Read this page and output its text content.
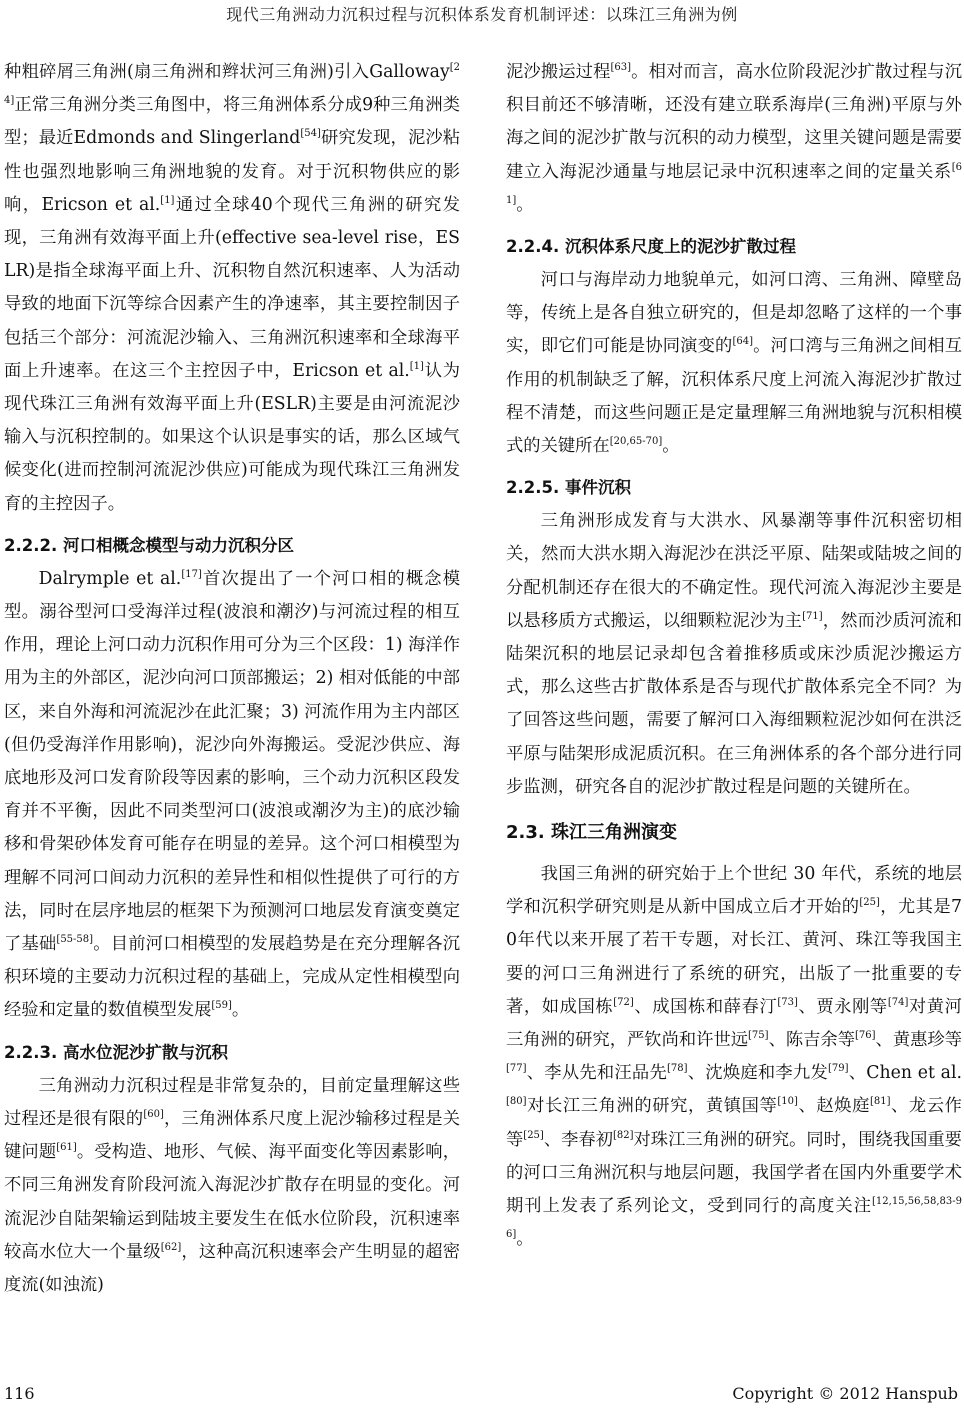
现代三角洲动力沉积过程与沉积体系发育机制评述：以珠江三角洲为例

种粗碎屑三角洲(扇三角洲和辫状河三角洲)引入Galloway[24]正常三角洲分类三角图中，将三角洲体系分成9种三角洲类型；最近Edmonds and Slingerland[54]研究发现，泥沙粘性也强烈地影响三角洲地貌的发育。对于沉积物供应的影响，Ericson et al.[1]通过全球40个现代三角洲的研究发现，三角洲有效海平面上升(effective sea-level rise，ESLR)是指全球海平面上升、沉积物自然沉积速率、人为活动导致的地面下沉等综合因素产生的净速率，其主要控制因子包括三个部分：河流泥沙输入、三角洲沉积速率和全球海平面上升速率。在这三个主控因子中，Ericson et al.[1]认为现代珠江三角洲有效海平面上升(ESLR)主要是由河流泥沙输入与沉积控制的。如果这个认识是事实的话，那么区域气候变化(进而控制河流泥沙供应)可能成为现代珠江三角洲发育的主控因子。

2.2.2. 河口相概念模型与动力沉积分区

Dalrymple et al.[17]首次提出了一个河口相的概念模型。溺谷型河口受海洋过程(波浪和潮汐)与河流过程的相互作用，理论上河口动力沉积作用可分为三个区段：1) 海洋作用为主的外部区，泥沙向河口顶部搬运；2) 相对低能的中部区，来自外海和河流泥沙在此汇聚；3) 河流作用为主内部区(但仍受海洋作用影响)，泥沙向外海搬运。受泥沙供应、海底地形及河口发育阶段等因素的影响，三个动力沉积区段发育并不平衡，因此不同类型河口(波浪或潮汐为主)的底沙输移和骨架砂体发育可能存在明显的差异。这个河口相模型为理解不同河口间动力沉积的差异性和相似性提供了可行的方法，同时在层序地层的框架下为预测河口地层发育演变奠定了基础[55-58]。目前河口相模型的发展趋势是在充分理解各沉积环境的主要动力沉积过程的基础上，完成从定性相模型向经验和定量的数值模型发展[59]。

2.2.3. 高水位泥沙扩散与沉积

三角洲动力沉积过程是非常复杂的，目前定量理解这些过程还是很有限的[60]，三角洲体系尺度上泥沙输移过程是关键问题[61]。受构造、地形、气候、海平面变化等因素影响，不同三角洲发育阶段河流入海泥沙扩散存在明显的变化。河流泥沙自陆架输运到陆坡主要发生在低水位阶段，沉积速率较高水位大一个量级[62]，这种高沉积速率会产生明显的超密度流(如浊流)

泥沙搬运过程[63]。相对而言，高水位阶段泥沙扩散过程与沉积目前还不够清晰，还没有建立联系海岸(三角洲)平原与外海之间的泥沙扩散与沉积的动力模型，这里关键问题是需要建立入海泥沙通量与地层记录中沉积速率之间的定量关系[61]。

2.2.4. 沉积体系尺度上的泥沙扩散过程

河口与海岸动力地貌单元，如河口湾、三角洲、障壁岛等，传统上是各自独立研究的，但是却忽略了这样的一个事实，即它们可能是协同演变的[64]。河口湾与三角洲之间相互作用的机制缺乏了解，沉积体系尺度上河流入海泥沙扩散过程不清楚，而这些问题正是定量理解三角洲地貌与沉积相模式的关键所在[20,65-70]。

2.2.5. 事件沉积

三角洲形成发育与大洪水、风暴潮等事件沉积密切相关，然而大洪水期入海泥沙在洪泛平原、陆架或陆坡之间的分配机制还存在很大的不确定性。现代河流入海泥沙主要是以悬移质方式搬运，以细颗粒泥沙为主[71]，然而沙质河流和陆架沉积的地层记录却包含着推移质或床沙质泥沙搬运方式，那么这些古扩散体系是否与现代扩散体系完全不同？为了回答这些问题，需要了解河口入海细颗粒泥沙如何在洪泛平原与陆架形成泥质沉积。在三角洲体系的各个部分进行同步监测，研究各自的泥沙扩散过程是问题的关键所在。

2.3. 珠江三角洲演变

我国三角洲的研究始于上个世纪 30 年代，系统的地层学和沉积学研究则是从新中国成立后才开始的[25]，尤其是70年代以来开展了若干专题，对长江、黄河、珠江等我国主要的河口三角洲进行了系统的研究，出版了一批重要的专著，如成国栋[72]、成国栋和薛春汀[73]、贾永刚等[74]对黄河三角洲的研究，严钦尚和许世远[75]、陈吉余等[76]、黄惠珍等[77]、李从先和汪品先[78]、沈焕庭和李九发[79]、Chen et al.[80]对长江三角洲的研究，黄镇国等[10]、赵焕庭[81]、龙云作等[25]、李春初[82]对珠江三角洲的研究。同时，围绕我国重要的河口三角洲沉积与地层问题，我国学者在国内外重要学术期刊上发表了系列论文，受到同行的高度关注[12,15,56,58,83-96]。

116	Copyright © 2012 Hanspub
